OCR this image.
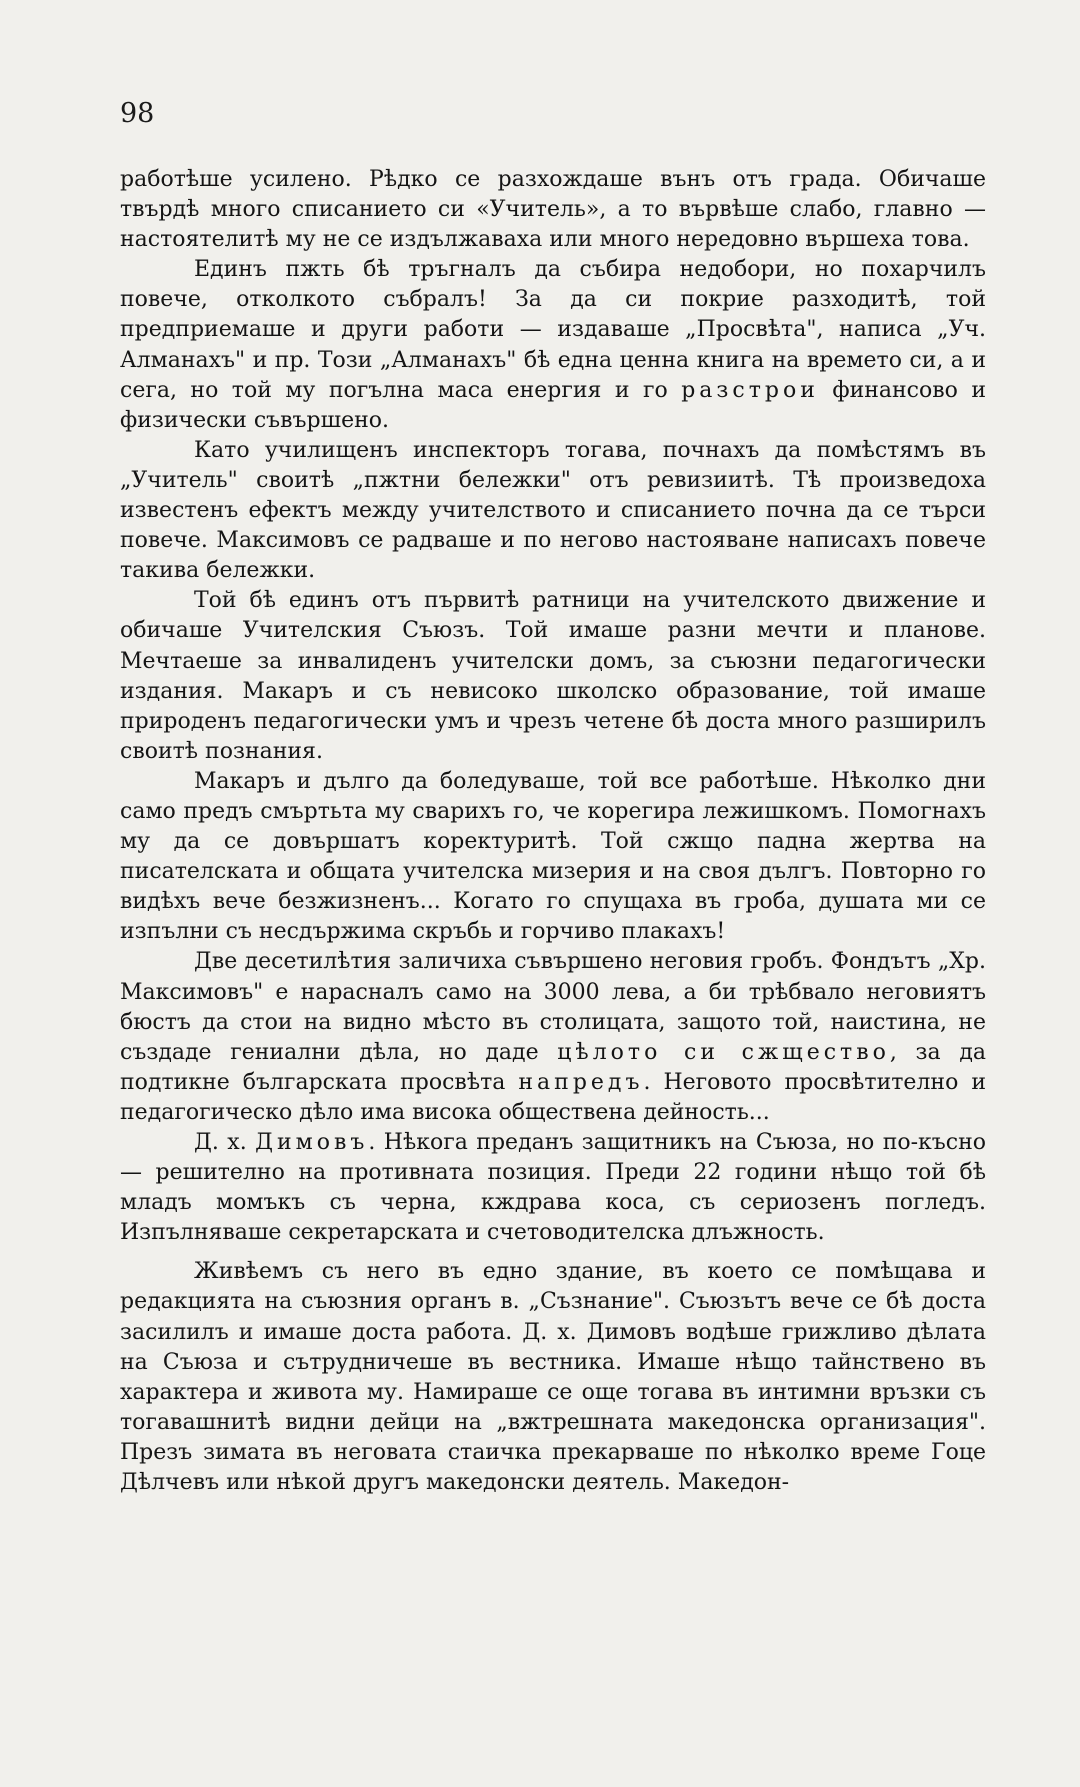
98

работѣше усилено. Рѣдко се разхождаше вънъ отъ града. Обичаше твърдѣ много списанието си «Учитель», а то вървѣше слабо, главно — настоятелитѣ му не се издължаваха или много нередовно вършеха това.

Единъ пжть бѣ тръгналъ да събира недобори, но похарчилъ повече, отколкото събралъ! За да си покрие разходитѣ, той предприемаше и други работи — издаваше „Просвѣта", написа „Уч. Алманахъ" и пр. Този „Алманахъ" бѣ една ценна книга на времето си, а и сега, но той му погълна маса енергия и го разстрои финансово и физически съвършено.

Като училищенъ инспекторъ тогава, почнахъ да помѣстямъ въ „Учитель" своитѣ „пжтни бележки" отъ ревизиитѣ. Тѣ произведоха известенъ ефектъ между учителството и списанието почна да се търси повече. Максимовъ се радваше и по негово настояване написахъ повече такива бележки.

Той бѣ единъ отъ първитѣ ратници на учителското движение и обичаше Учителския Съюзъ. Той имаше разни мечти и планове. Мечтаеше за инвалиденъ учителски домъ, за съюзни педагогически издания. Макаръ и съ невисоко школско образование, той имаше природенъ педагогически умъ и чрезъ четене бѣ доста много разширилъ своитѣ познания.

Макаръ и дълго да боледуваше, той все работѣше. Нѣколко дни само предъ смъртьта му сварихъ го, че корегира лежишкомъ. Помогнахъ му да се довършатъ коректуритѣ. Той сжщо падна жертва на писателската и общата учителска мизерия и на своя дългъ. Повторно го видѣхъ вече безжизненъ... Когато го спущаха въ гроба, душата ми се изпълни съ несдържима скръбь и горчиво плакахъ!

Две десетилѣтия заличиха съвършено неговия гробъ. Фондътъ „Хр. Максимовъ" е нарасналъ само на 3000 лева, а би трѣбвало неговиятъ бюстъ да стои на видно мѣсто въ столицата, защото той, наистина, не създаде гениални дѣла, но даде цѣлото си сжщество, за да подтикне българската просвѣта напредъ. Неговото просвѣтително и педагогическо дѣло има висока обществена дейность...

Д. х. Димовъ. Нѣкога преданъ защитникъ на Съюза, но по-късно — решително на противната позиция. Преди 22 години нѣщо той бѣ младъ момъкъ съ черна, кждрава коса, съ сериозенъ погледъ. Изпълняваше секретарската и счетоводителска длъжность.

Живѣемъ съ него въ едно здание, въ което се помѣщава и редакцията на съюзния органъ в. „Съзнание". Съюзътъ вече се бѣ доста засилилъ и имаше доста работа. Д. х. Димовъ водѣше грижливо дѣлата на Съюза и сътрудничеше въ вестника. Имаше нѣщо тайнствено въ характера и живота му. Намираше се още тогава въ интимни връзки съ тогавашнитѣ видни дейци на „вжтрешната македонска организация". Презъ зимата въ неговата стаичка прекарваше по нѣколко време Гоце Дѣлчевъ или нѣкой другъ македонски деятель. Македон-
